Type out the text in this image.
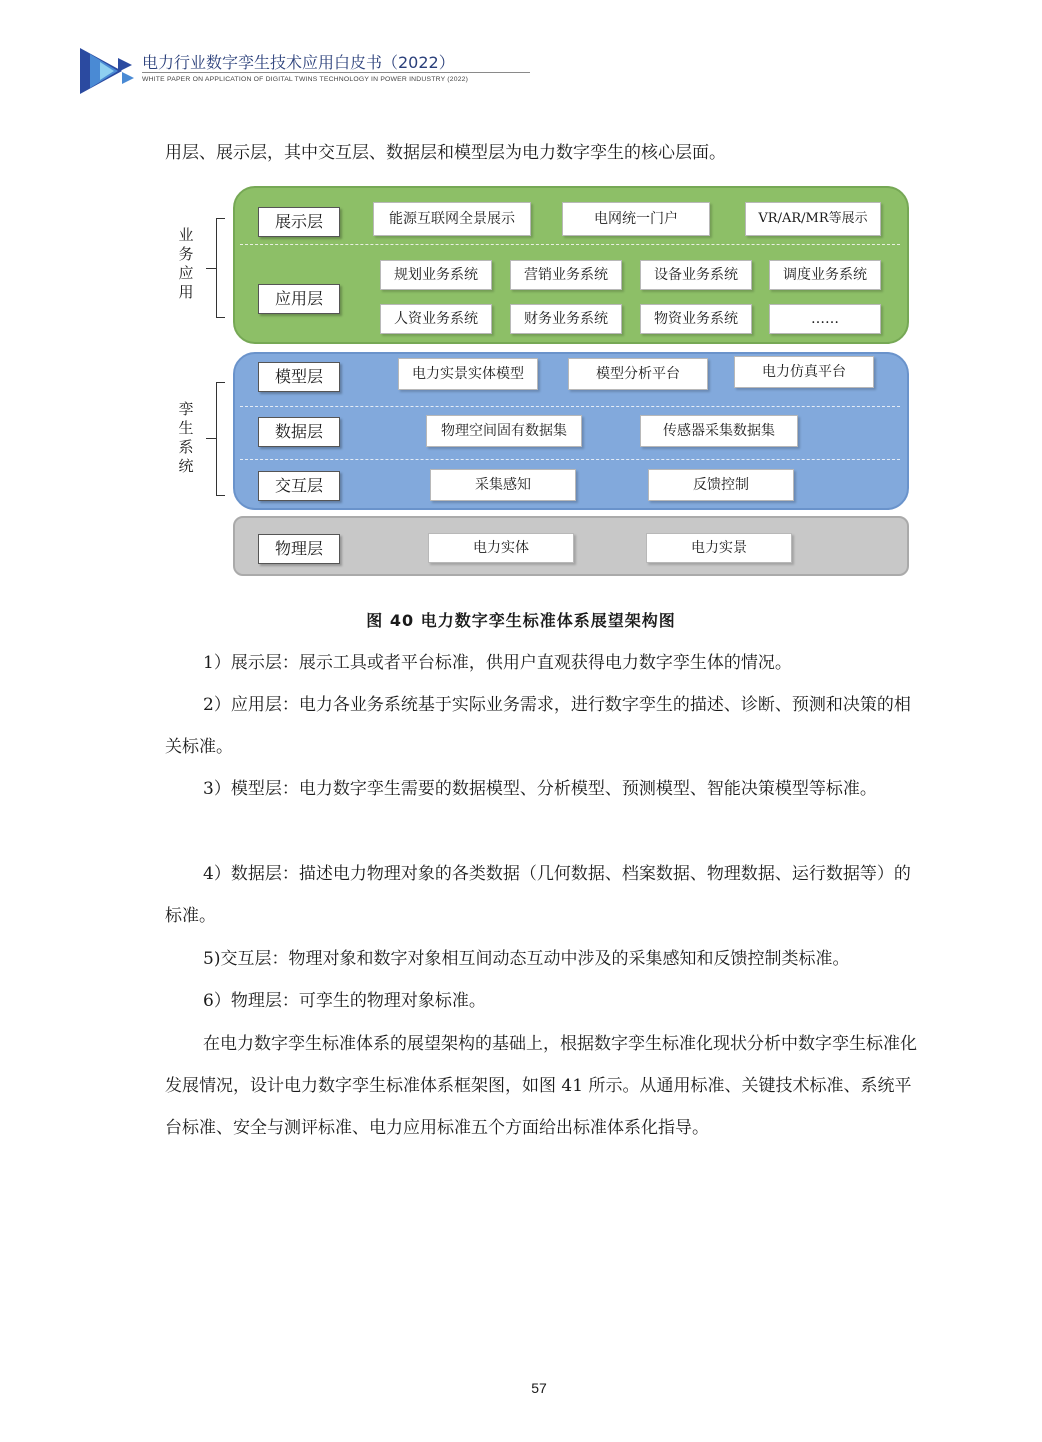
电力行业数字孪生技术应用白皮书（2022）
WHITE PAPER ON APPLICATION OF DIGITAL TWINS TECHNOLOGY IN POWER INDUSTRY (2022)
用层、展示层，其中交互层、数据层和模型层为电力数字孪生的核心层面。
业务应用
孪生系统
展示层	能源互联网全景展示	电网统一门户	VR/AR/MR等展示
应用层
规划业务系统	营销业务系统	设备业务系统	调度业务系统
人资业务系统	财务业务系统	物资业务系统	……
模型层	电力实景实体模型	模型分析平台	电力仿真平台
数据层	物理空间固有数据集	传感器采集数据集
交互层	采集感知	反馈控制
物理层	电力实体	电力实景
图 40 电力数字孪生标准体系展望架构图
1）展示层：展示工具或者平台标准，供用户直观获得电力数字孪生体的情况。
2）应用层：电力各业务系统基于实际业务需求，进行数字孪生的描述、诊断、预测和决策的相关标准。
3）模型层：电力数字孪生需要的数据模型、分析模型、预测模型、智能决策模型等标准。
4）数据层：描述电力物理对象的各类数据（几何数据、档案数据、物理数据、运行数据等）的标准。
5)交互层：物理对象和数字对象相互间动态互动中涉及的采集感知和反馈控制类标准。
6）物理层：可孪生的物理对象标准。
在电力数字孪生标准体系的展望架构的基础上，根据数字孪生标准化现状分析中数字孪生标准化发展情况，设计电力数字孪生标准体系框架图，如图 41 所示。从通用标准、关键技术标准、系统平台标准、安全与测评标准、电力应用标准五个方面给出标准体系化指导。
57
